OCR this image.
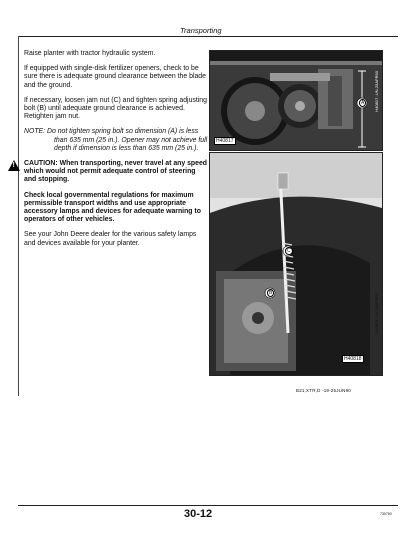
Transporting

Raise planter with tractor hydraulic system.

If equipped with single-disk fertilizer openers, check to be sure there is adequate ground clearance between the blade and the ground.

If necessary, loosen jam nut (C) and tighten spring adjusting bolt (B) until adequate ground clearance is achieved. Retighten jam nut.

NOTE: Do not tighten spring bolt so dimension (A) is less than 635 mm (25 in.). Opener may not achieve full depth if dimension is less than 635 mm (25 in.).

!
CAUTION: When transporting, never travel at any speed which would not permit adequate control of steering and stopping.

Check local governmental regulations for maximum permissible transport widths and use appropriate accessory lamps and devices for adequate warning to operators of other vehicles.

See your John Deere dealer for the various safety lamps and devices available for your planter.

A
H40817
H40817 -UN-25APR90
B
C
H40818
H40818 -UN-25APR90
B21,XTR,D -19-25JUN90
30-12	730790
